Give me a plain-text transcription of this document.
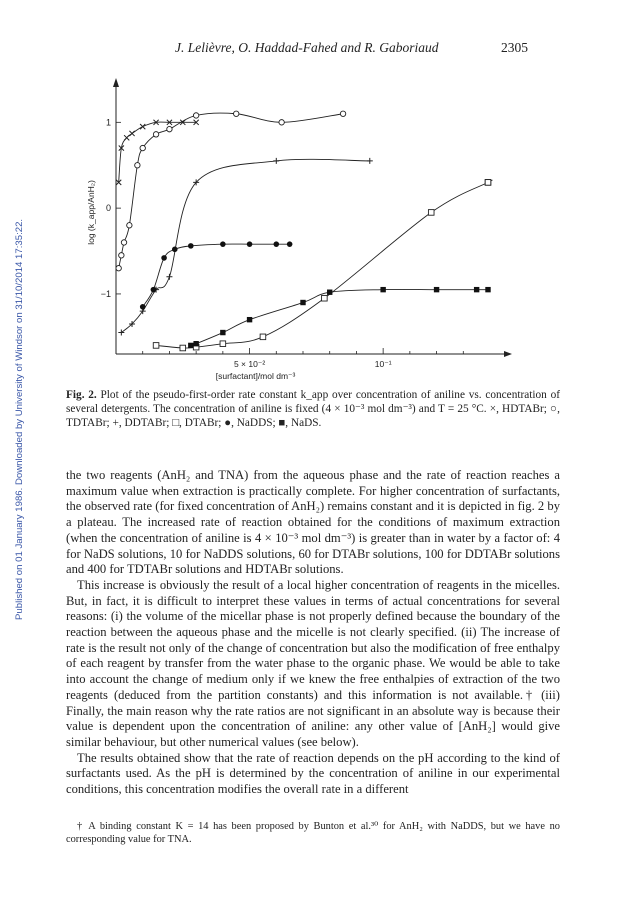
Published on 01 January 1986. Downloaded by University of Windsor on 31/10/2014 17:35:22.
J. Lelièvre, O. Haddad-Fahed and R. Gaboriaud	2305
5 × 10⁻²	10⁻¹
1
0
−1
[surfactant]/mol dm⁻³
log (k_app/AnH₂)
Fig. 2. Plot of the pseudo-first-order rate constant k_app over concentration of aniline vs. concentration of several detergents. The concentration of aniline is fixed (4 × 10⁻³ mol dm⁻³) and T = 25 °C. ×, HDTABr; ○, TDTABr; +, DDTABr; □, DTABr; ●, NaDDS; ■, NaDS.

the two reagents (AnH₂ and TNA) from the aqueous phase and the rate of reaction reaches a maximum value when extraction is practically complete. For higher concentration of surfactants, the observed rate (for fixed concentration of AnH₂) remains constant and it is depicted in fig. 2 by a plateau. The increased rate of reaction obtained for the conditions of maximum extraction (when the concentration of aniline is 4 × 10⁻³ mol dm⁻³) is greater than in water by a factor of: 4 for NaDS solutions, 10 for NaDDS solutions, 60 for DTABr solutions, 100 for DDTABr solutions and 400 for TDTABr solutions and HDTABr solutions.

This increase is obviously the result of a local higher concentration of reagents in the micelles. But, in fact, it is difficult to interpret these values in terms of actual concentrations for several reasons: (i) the volume of the micellar phase is not properly defined because the boundary of the reaction between the aqueous phase and the micelle is not clearly specified. (ii) The increase of rate is the result not only of the change of concentration but also the modification of free enthalpy of each reagent by transfer from the water phase to the organic phase. We would be able to take into account the change of medium only if we knew the free enthalpies of extraction of the two reagents (deduced from the partition constants) and this information is not available.† (iii) Finally, the main reason why the rate ratios are not significant in an absolute way is because their value is dependent upon the concentration of aniline: any other value of [AnH₂] would give similar behaviour, but other numerical values (see below).

The results obtained show that the rate of reaction depends on the pH according to the kind of surfactants used. As the pH is determined by the concentration of aniline in our experimental conditions, this concentration modifies the overall rate in a different

† A binding constant K = 14 has been proposed by Bunton et al.³⁰ for AnH₂ with NaDDS, but we have no corresponding value for TNA.
